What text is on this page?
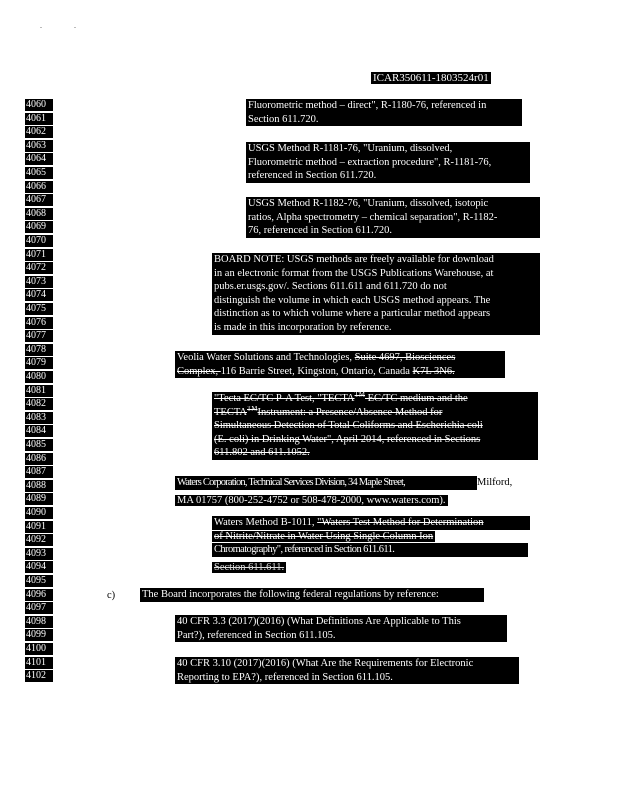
ICAR350611-1803524r01
4060
4061
4062
4063
4064
4065
4066
4067
4068
4069
4070
4071
4072
4073
4074
4075
4076
4077
4078
4079
4080
4081
4082
4083
4084
4085
4086
4087
4088
4089
4090
4091
4092
4093
4094
4095
4096
4097
4098
4099
4100
4101
4102
Fluorometric method – direct", R-1180-76, referenced in
Section 611.720.
USGS Method R-1181-76, "Uranium, dissolved,
Fluorometric method – extraction procedure", R-1181-76,
referenced in Section 611.720.
USGS Method R-1182-76, "Uranium, dissolved, isotopic
ratios, Alpha spectrometry – chemical separation", R-1182-
76, referenced in Section 611.720.
BOARD NOTE: USGS methods are freely available for download
in an electronic format from the USGS Publications Warehouse, at
pubs.er.usgs.gov/. Sections 611.611 and 611.720 do not
distinguish the volume in which each USGS method appears. The
distinction as to which volume where a particular method appears
is made in this incorporation by reference.
Veolia Water Solutions and Technologies, Suite 4697, Biosciences
Complex, 116 Barrie Street, Kingston, Ontario, Canada K7L 3N6.
"Tecta EC/TC P-A Test, "TECTA™ EC/TC medium and the
TECTA™Instrument: a Presence/Absence Method for
Simultaneous Detection of Total Coliforms and Escherichia coli
(E. coli) in Drinking Water", April 2014, referenced in Sections
611.802 and 611.1052.
Waters Corporation, Technical Services Division, 34 Maple Street,	Milford,
MA 01757 (800-252-4752 or 508-478-2000, www.waters.com).
Waters Method B-1011, "Waters Test Method for Determination
of Nitrite/Nitrate in Water Using Single Column Ion
Chromatography", referenced in Section 611.611.
Section 611.611.
c)	The Board incorporates the following federal regulations by reference:
40 CFR 3.3 (2017)(2016) (What Definitions Are Applicable to This
Part?), referenced in Section 611.105.
40 CFR 3.10 (2017)(2016) (What Are the Requirements for Electronic
Reporting to EPA?), referenced in Section 611.105.
